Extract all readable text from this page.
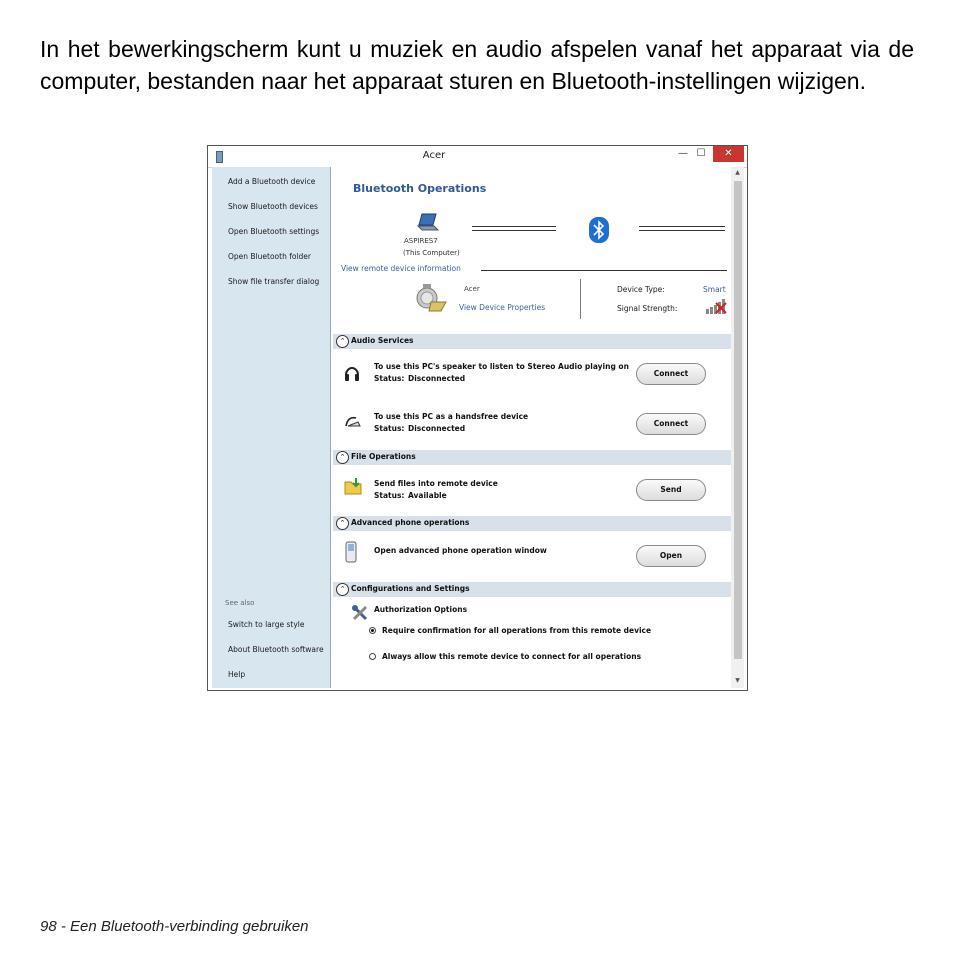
In het bewerkingscherm kunt u muziek en audio afspelen vanaf het apparaat via de computer, bestanden naar het apparaat sturen en Bluetooth-instellingen wijzigen.

Acer	— ☐	✕
Add a Bluetooth device
Show Bluetooth devices
Open Bluetooth settings
Open Bluetooth folder
Show file transfer dialog
See also
Switch to large style
About Bluetooth software
Help
Bluetooth Operations
ASPIRES7
(This Computer)
View remote device information
Acer
View Device Properties
Device Type:	Smart
Signal Strength:
⌃ Audio Services
To use this PC's speaker to listen to Stereo Audio playing on
Status: Disconnected
Connect
To use this PC as a handsfree device
Status: Disconnected
Connect
⌃ File Operations
Send files into remote device
Status: Available
Send
⌃ Advanced phone operations
Open advanced phone operation window
Open
⌃ Configurations and Settings
Authorization Options
Require confirmation for all operations from this remote device
Always allow this remote device to connect for all operations
▲
▼
98 - Een Bluetooth-verbinding gebruiken
